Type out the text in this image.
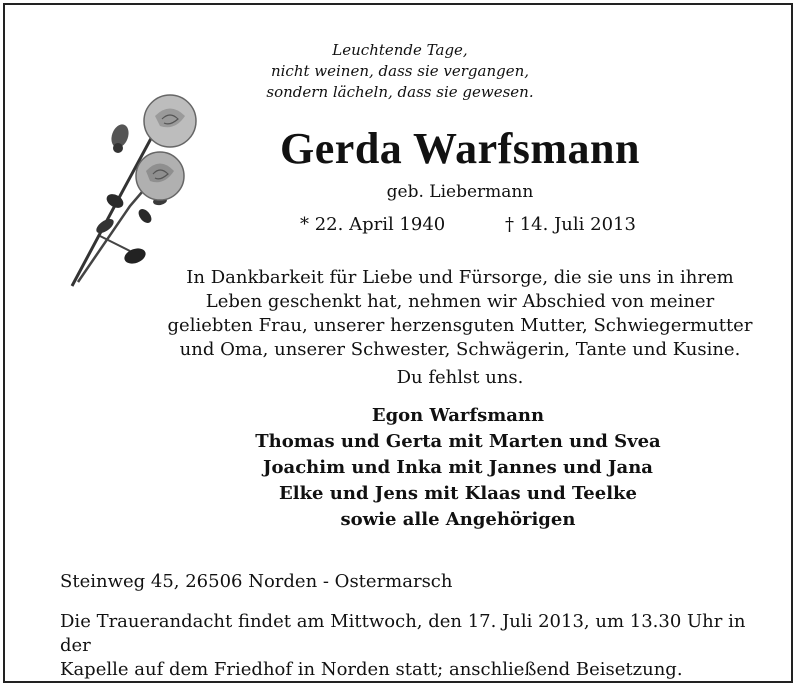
Leuchtende Tage,
nicht weinen, dass sie vergangen,
sondern lächeln, dass sie gewesen.
Gerda Warfsmann
geb. Liebermann
* 22. April 1940	† 14. Juli 2013
In Dankbarkeit für Liebe und Fürsorge, die sie uns in ihrem
Leben geschenkt hat, nehmen wir Abschied von meiner
geliebten Frau, unserer herzensguten Mutter, Schwiegermutter
und Oma, unserer Schwester, Schwägerin, Tante und Kusine.
Du fehlst uns.
Egon Warfsmann
Thomas und Gerta mit Marten und Svea
Joachim und Inka mit Jannes und Jana
Elke und Jens mit Klaas und Teelke
sowie alle Angehörigen
Steinweg 45, 26506 Norden - Ostermarsch
Die Trauerandacht findet am Mittwoch, den 17. Juli 2013, um 13.30 Uhr in der
Kapelle auf dem Friedhof in Norden statt; anschließend Beisetzung.
